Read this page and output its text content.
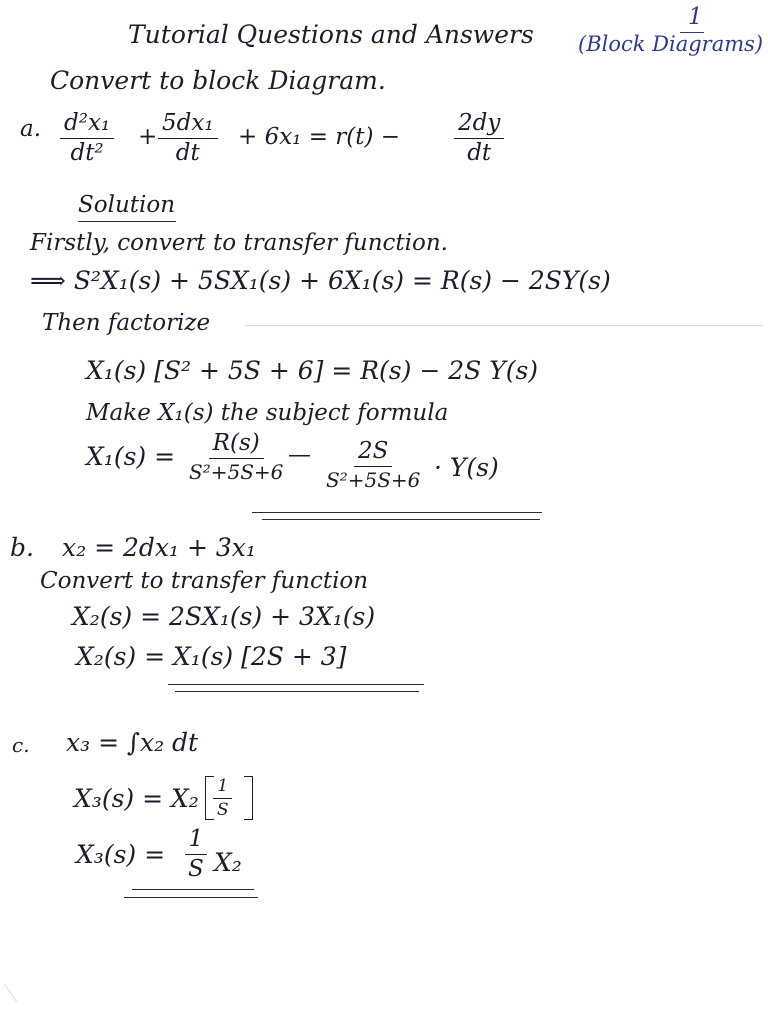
1
Tutorial Questions and Answers (Block Diagrams)
Convert to block Diagram.
a. $\frac{\text{d²x₁}}{\text{dt²}} + \frac{\text{5dx₁}}{dt} + 6x_1 = r(t) - \frac{2dy}{dt}$
Solution
Firstly, convert to transfer function.
⟹ S²X₁(s) + 5SX₁(s) + 6X₁(s) = R(s) − 2SY(s)
Then factorize
X₁(s) [S² + 5S + 6] = R(s) − 2S Y(s)
Make X₁(s) the subject formula
$X_1(s) = \frac{R(s)}{\text{S²+5S+6}}$ — $\frac{2S}{\text{S²+5S+6}} \cdot Y(s)$
b. x₂ = 2dx₁ + 3x₁
Convert to transfer function
X₂(s) = 2SX₁(s) + 3X₁(s)
X₂(s) = X₁(s) [2S + 3]
c. x₃ = ∫x₂ dt
$X_3(s) = X_2 \frac{1}{S}$
$X_3(s) = \frac{1}{S} X_2$
